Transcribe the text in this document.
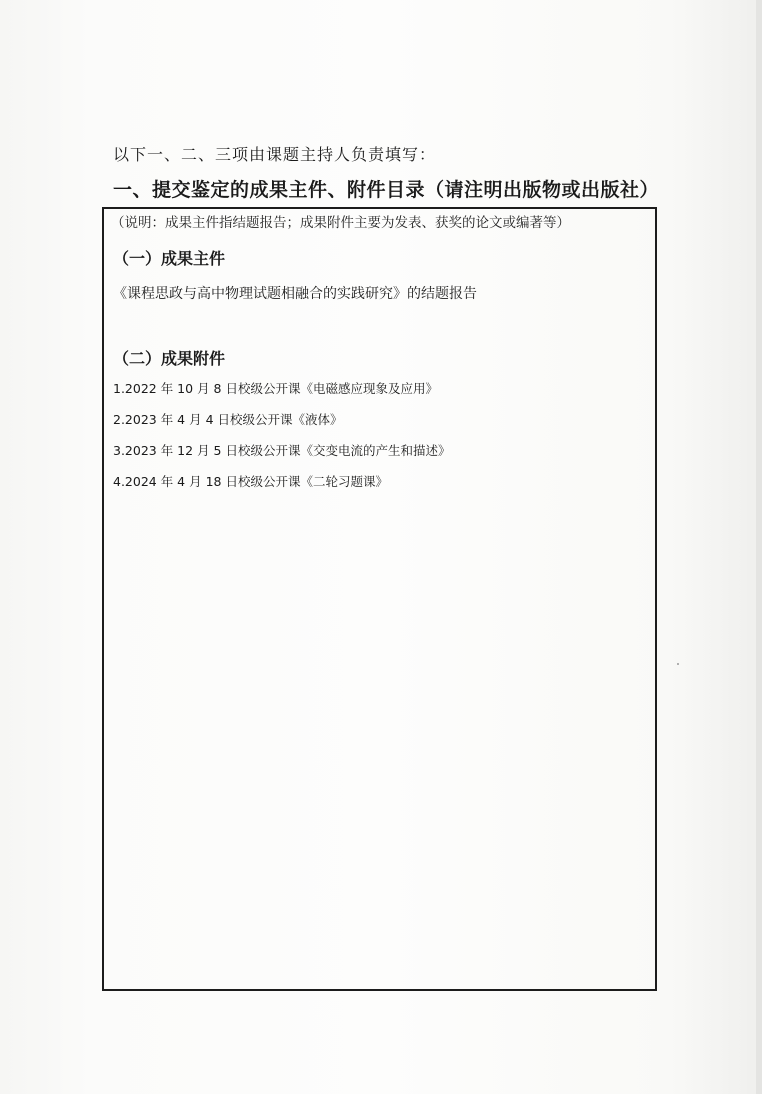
以下一、二、三项由课题主持人负责填写：
一、提交鉴定的成果主件、附件目录（请注明出版物或出版社）
（说明：成果主件指结题报告；成果附件主要为发表、获奖的论文或编著等）
（一）成果主件
《课程思政与高中物理试题相融合的实践研究》的结题报告
（二）成果附件
1.2022 年 10 月 8 日校级公开课《电磁感应现象及应用》
2.2023 年 4 月 4 日校级公开课《液体》
3.2023 年 12 月 5 日校级公开课《交变电流的产生和描述》
4.2024 年 4 月 18 日校级公开课《二轮习题课》
